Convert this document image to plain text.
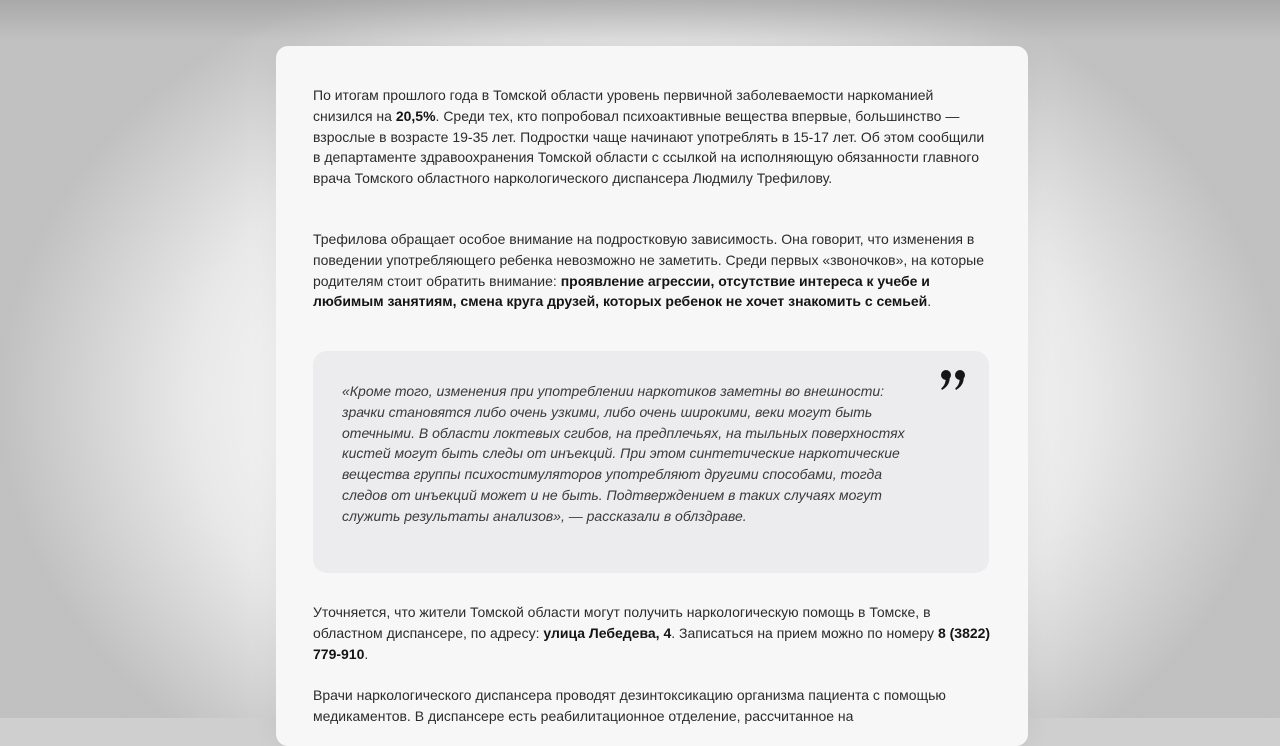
По итогам прошлого года в Томской области уровень первичной заболеваемости наркоманией снизился на 20,5%. Среди тех, кто попробовал психоактивные вещества впервые, большинство — взрослые в возрасте 19-35 лет. Подростки чаще начинают употреблять в 15-17 лет. Об этом сообщили в департаменте здравоохранения Томской области с ссылкой на исполняющую обязанности главного врача Томского областного наркологического диспансера Людмилу Трефилову.

Трефилова обращает особое внимание на подростковую зависимость. Она говорит, что изменения в поведении употребляющего ребенка невозможно не заметить. Среди первых «звоночков», на которые родителям стоит обратить внимание: проявление агрессии, отсутствие интереса к учебе и любимым занятиям, смена круга друзей, которых ребенок не хочет знакомить с семьей.

«Кроме того, изменения при употреблении наркотиков заметны во внешности: зрачки становятся либо очень узкими, либо очень широкими, веки могут быть отечными. В области локтевых сгибов, на предплечьях, на тыльных поверхностях кистей могут быть следы от инъекций. При этом синтетические наркотические вещества группы психостимуляторов употребляют другими способами, тогда следов от инъекций может и не быть. Подтверждением в таких случаях могут служить результаты анализов», — рассказали в облздраве.

Уточняется, что жители Томской области могут получить наркологическую помощь в Томске, в областном диспансере, по адресу: улица Лебедева, 4. Записаться на прием можно по номеру 8 (3822) 779-910.

Врачи наркологического диспансера проводят дезинтоксикацию организма пациента с помощью медикаментов. В диспансере есть реабилитационное отделение, рассчитанное на
